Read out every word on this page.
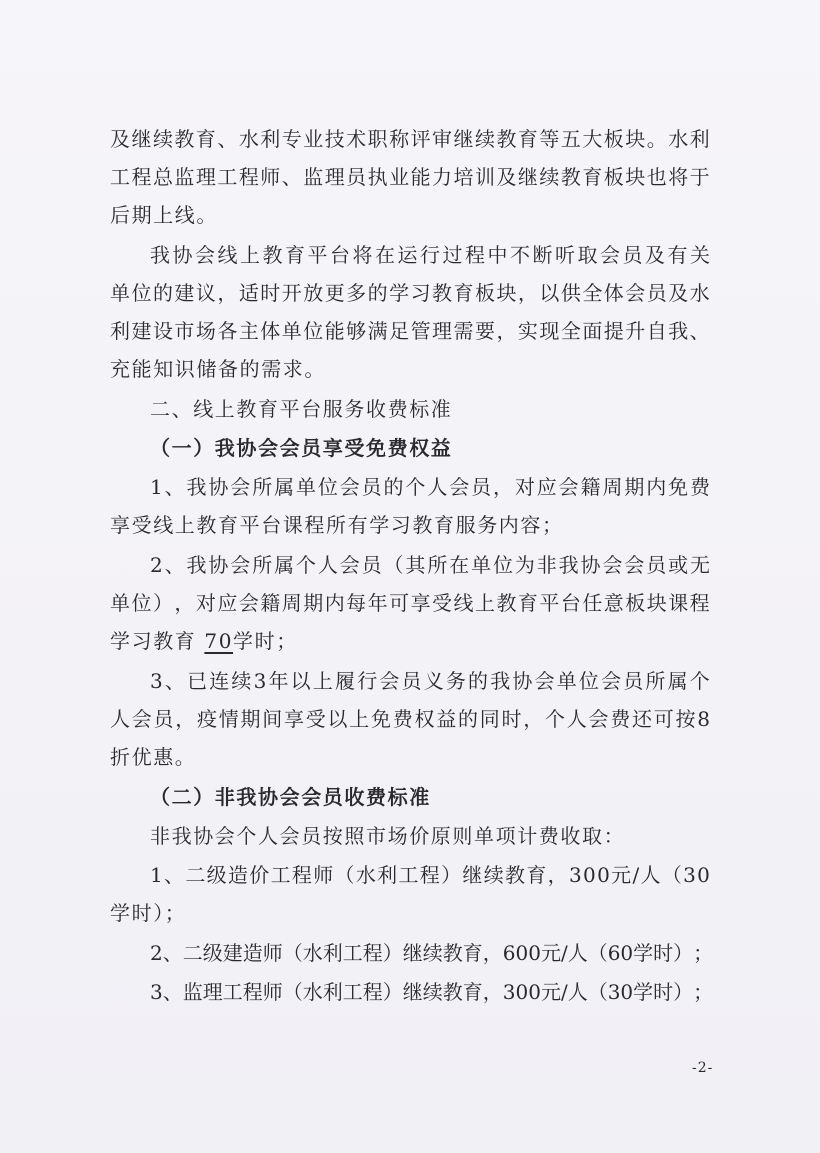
及 继 续 教 育 、 水 利 专 业 技 术 职 称 评 审 继 续 教 育 等 五 大 板 块 。 水 利
工 程 总 监 理 工 程 师 、 监 理 员 执 业 能 力 培 训 及 继 续 教 育 板 块 也 将 于
后期上线。
我 协 会 线 上 教 育 平 台 将 在 运 行 过 程 中 不 断 听 取 会 员 及 有 关
单 位 的 建 议 ， 适 时 开 放 更 多 的 学 习 教 育 板 块 ， 以 供 全 体 会 员 及 水
利 建 设 市 场 各 主 体 单 位 能 够 满 足 管 理 需 要 ， 实 现 全 面 提 升 自 我 、
充能知识储备的需求。
二、线上教育平台服务收费标准
（一）我协会会员享受免费权益
1 、 我 协 会 所 属 单 位 会 员 的 个 人 会 员 ， 对 应 会 籍 周 期 内 免 费
享受线上教育平台课程所有学习教育服务内容；
2 、 我 协 会 所 属 个 人 会 员 （ 其 所 在 单 位 为 非 我 协 会 会 员 或 无
单 位 ） ， 对 应 会 籍 周 期 内 每 年 可 享 受 线 上 教 育 平 台 任 意 板 块 课 程
学习教育 70学时；
3 、 已 连 续 3 年 以 上 履 行 会 员 义 务 的 我 协 会 单 位 会 员 所 属 个
人 会 员 ， 疫 情 期 间 享 受 以 上 免 费 权 益 的 同 时 ， 个 人 会 费 还 可 按 8
折优惠。
（二）非我协会会员收费标准
非我协会个人会员按照市场价原则单项计费收取：
1 、 二 级 造 价 工 程 师 （ 水 利 工 程 ） 继 续 教 育 ， 3 0 0 元 / 人 （ 3 0
学时）；
2 、 二 级 建 造 师 （ 水 利 工 程 ） 继 续 教 育 ， 6 0 0 元 / 人 （ 6 0 学 时 ） ；
3 、 监 理 工 程 师 （ 水 利 工 程 ） 继 续 教 育 ， 3 0 0 元 / 人 （ 3 0 学 时 ） ；
-2-
